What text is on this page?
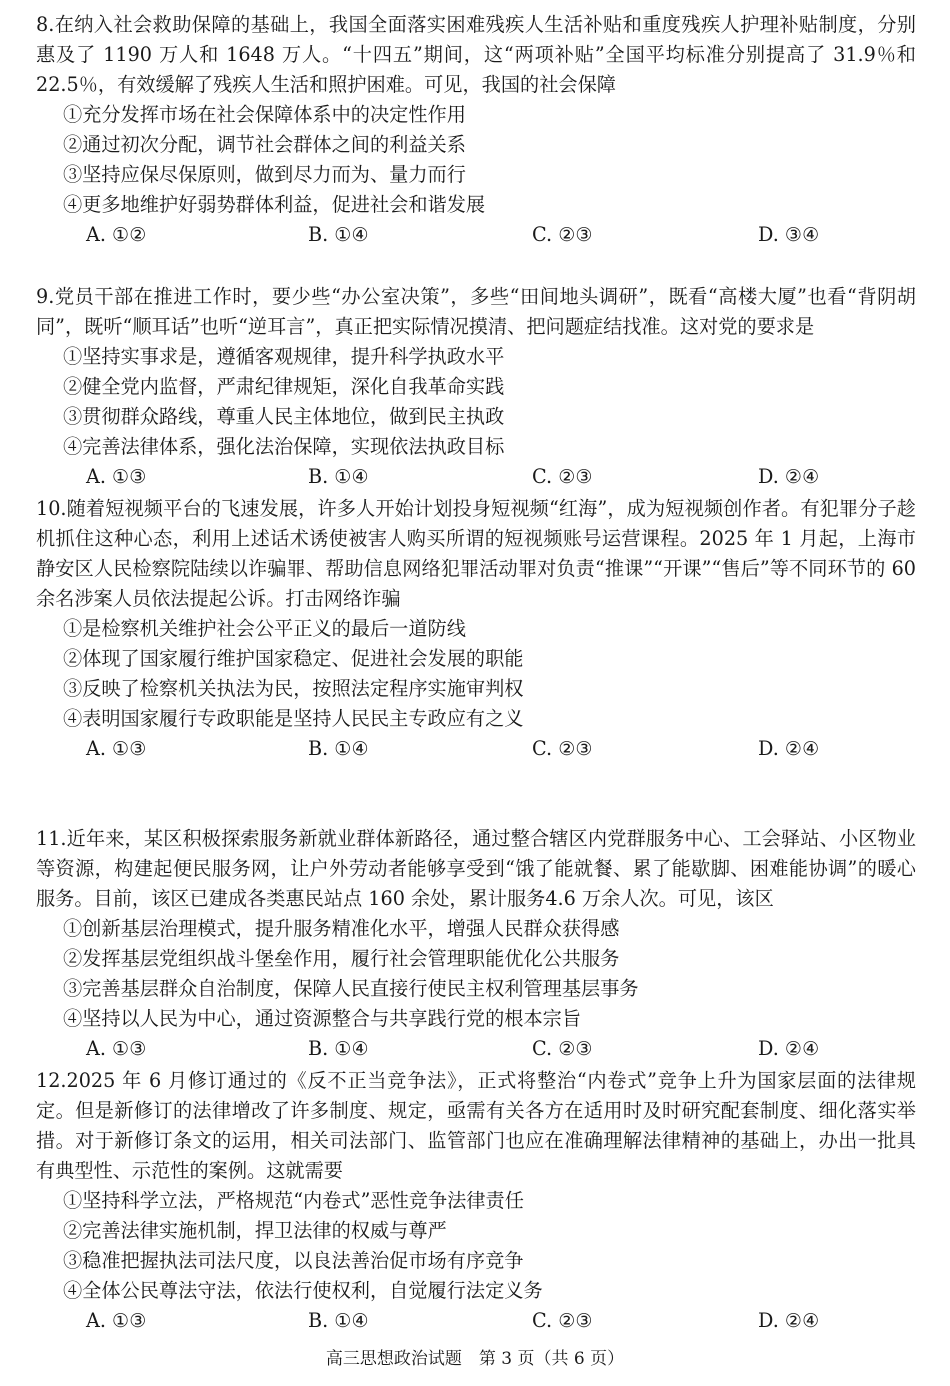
8.在纳入社会救助保障的基础上，我国全面落实困难残疾人生活补贴和重度残疾人护理补贴制度，分别惠及了 1190 万人和 1648 万人。“十四五”期间，这“两项补贴”全国平均标准分别提高了 31.9％和 22.5％，有效缓解了残疾人生活和照护困难。可见，我国的社会保障

①充分发挥市场在社会保障体系中的决定性作用
②通过初次分配，调节社会群体之间的利益关系
③坚持应保尽保原则，做到尽力而为、量力而行
④更多地维护好弱势群体利益，促进社会和谐发展
A. ①②	B. ①④	C. ②③	D. ③④

9.党员干部在推进工作时，要少些“办公室决策”，多些“田间地头调研”，既看“高楼大厦”也看“背阴胡同”，既听“顺耳话”也听“逆耳言”，真正把实际情况摸清、把问题症结找准。这对党的要求是

①坚持实事求是，遵循客观规律，提升科学执政水平
②健全党内监督，严肃纪律规矩，深化自我革命实践
③贯彻群众路线，尊重人民主体地位，做到民主执政
④完善法律体系，强化法治保障，实现依法执政目标
A. ①③	B. ①④	C. ②③	D. ②④

10.随着短视频平台的飞速发展，许多人开始计划投身短视频“红海”，成为短视频创作者。有犯罪分子趁机抓住这种心态，利用上述话术诱使被害人购买所谓的短视频账号运营课程。2025 年 1 月起，上海市静安区人民检察院陆续以诈骗罪、帮助信息网络犯罪活动罪对负责“推课”“开课”“售后”等不同环节的 60 余名涉案人员依法提起公诉。打击网络诈骗

①是检察机关维护社会公平正义的最后一道防线
②体现了国家履行维护国家稳定、促进社会发展的职能
③反映了检察机关执法为民，按照法定程序实施审判权
④表明国家履行专政职能是坚持人民民主专政应有之义
A. ①③	B. ①④	C. ②③	D. ②④

11.近年来，某区积极探索服务新就业群体新路径，通过整合辖区内党群服务中心、工会驿站、小区物业等资源，构建起便民服务网，让户外劳动者能够享受到“饿了能就餐、累了能歇脚、困难能协调”的暖心服务。目前，该区已建成各类惠民站点 160 余处，累计服务4.6 万余人次。可见，该区

①创新基层治理模式，提升服务精准化水平，增强人民群众获得感
②发挥基层党组织战斗堡垒作用，履行社会管理职能优化公共服务
③完善基层群众自治制度，保障人民直接行使民主权利管理基层事务
④坚持以人民为中心，通过资源整合与共享践行党的根本宗旨
A. ①③	B. ①④	C. ②③	D. ②④

12.2025 年 6 月修订通过的《反不正当竞争法》，正式将整治“内卷式”竞争上升为国家层面的法律规定。但是新修订的法律增改了许多制度、规定，亟需有关各方在适用时及时研究配套制度、细化落实举措。对于新修订条文的运用，相关司法部门、监管部门也应在准确理解法律精神的基础上，办出一批具有典型性、示范性的案例。这就需要

①坚持科学立法，严格规范“内卷式”恶性竞争法律责任
②完善法律实施机制，捍卫法律的权威与尊严
③稳准把握执法司法尺度，以良法善治促市场有序竞争
④全体公民尊法守法，依法行使权利，自觉履行法定义务
A. ①③	B. ①④	C. ②③	D. ②④
高三思想政治试题　第 3 页（共 6 页）
